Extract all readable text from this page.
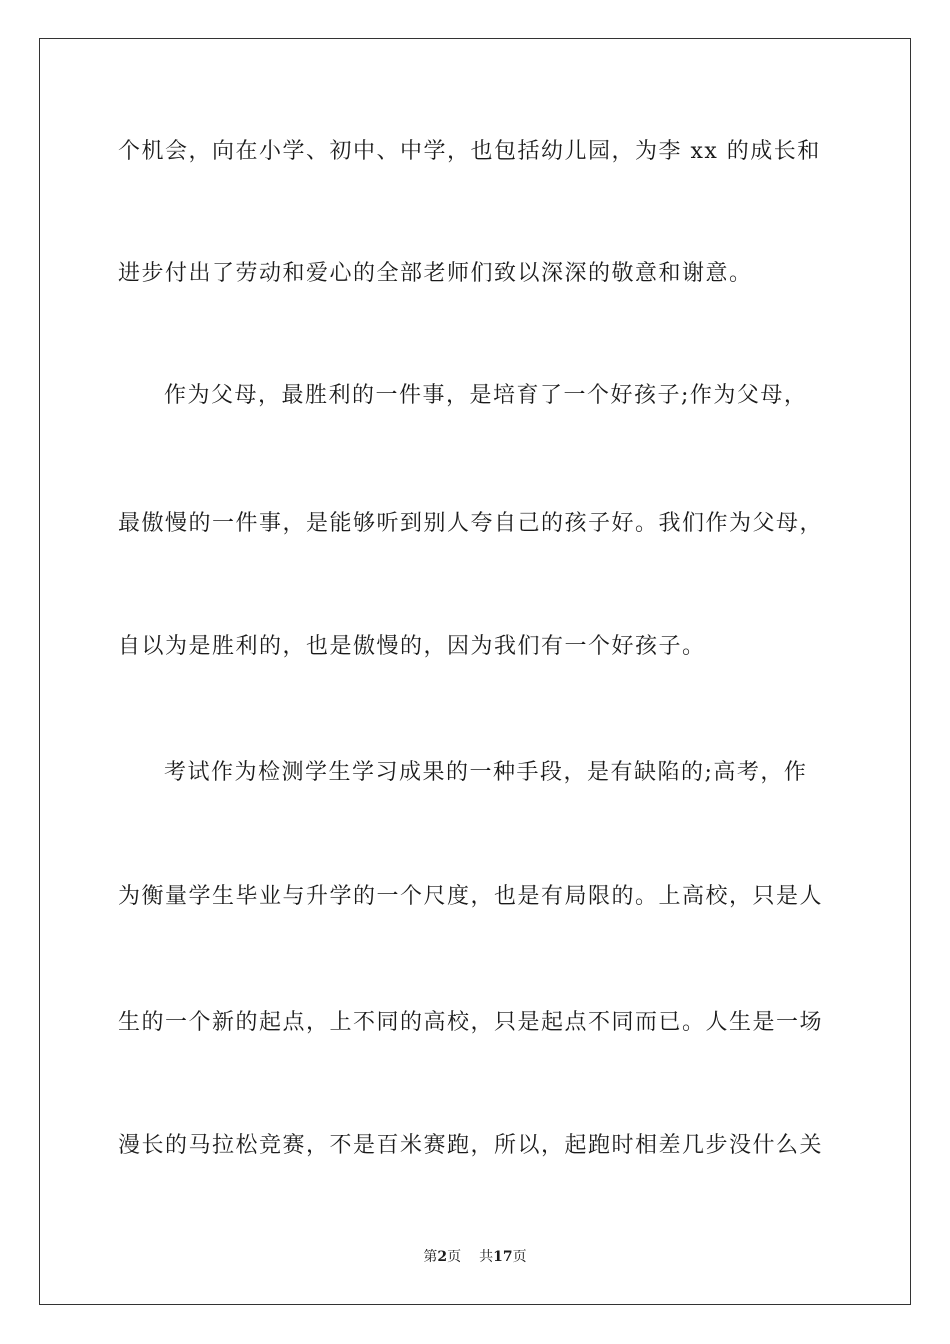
个机会，向在小学、初中、中学，也包括幼儿园，为李 xx 的成长和
进步付出了劳动和爱心的全部老师们致以深深的敬意和谢意。
作为父母，最胜利的一件事，是培育了一个好孩子;作为父母，
最傲慢的一件事，是能够听到别人夸自己的孩子好。我们作为父母，
自以为是胜利的，也是傲慢的，因为我们有一个好孩子。
考试作为检测学生学习成果的一种手段，是有缺陷的;高考，作
为衡量学生毕业与升学的一个尺度，也是有局限的。上高校，只是人
生的一个新的起点，上不同的高校，只是起点不同而已。人生是一场
漫长的马拉松竞赛，不是百米赛跑，所以，起跑时相差几步没什么关
第2页 共17页
